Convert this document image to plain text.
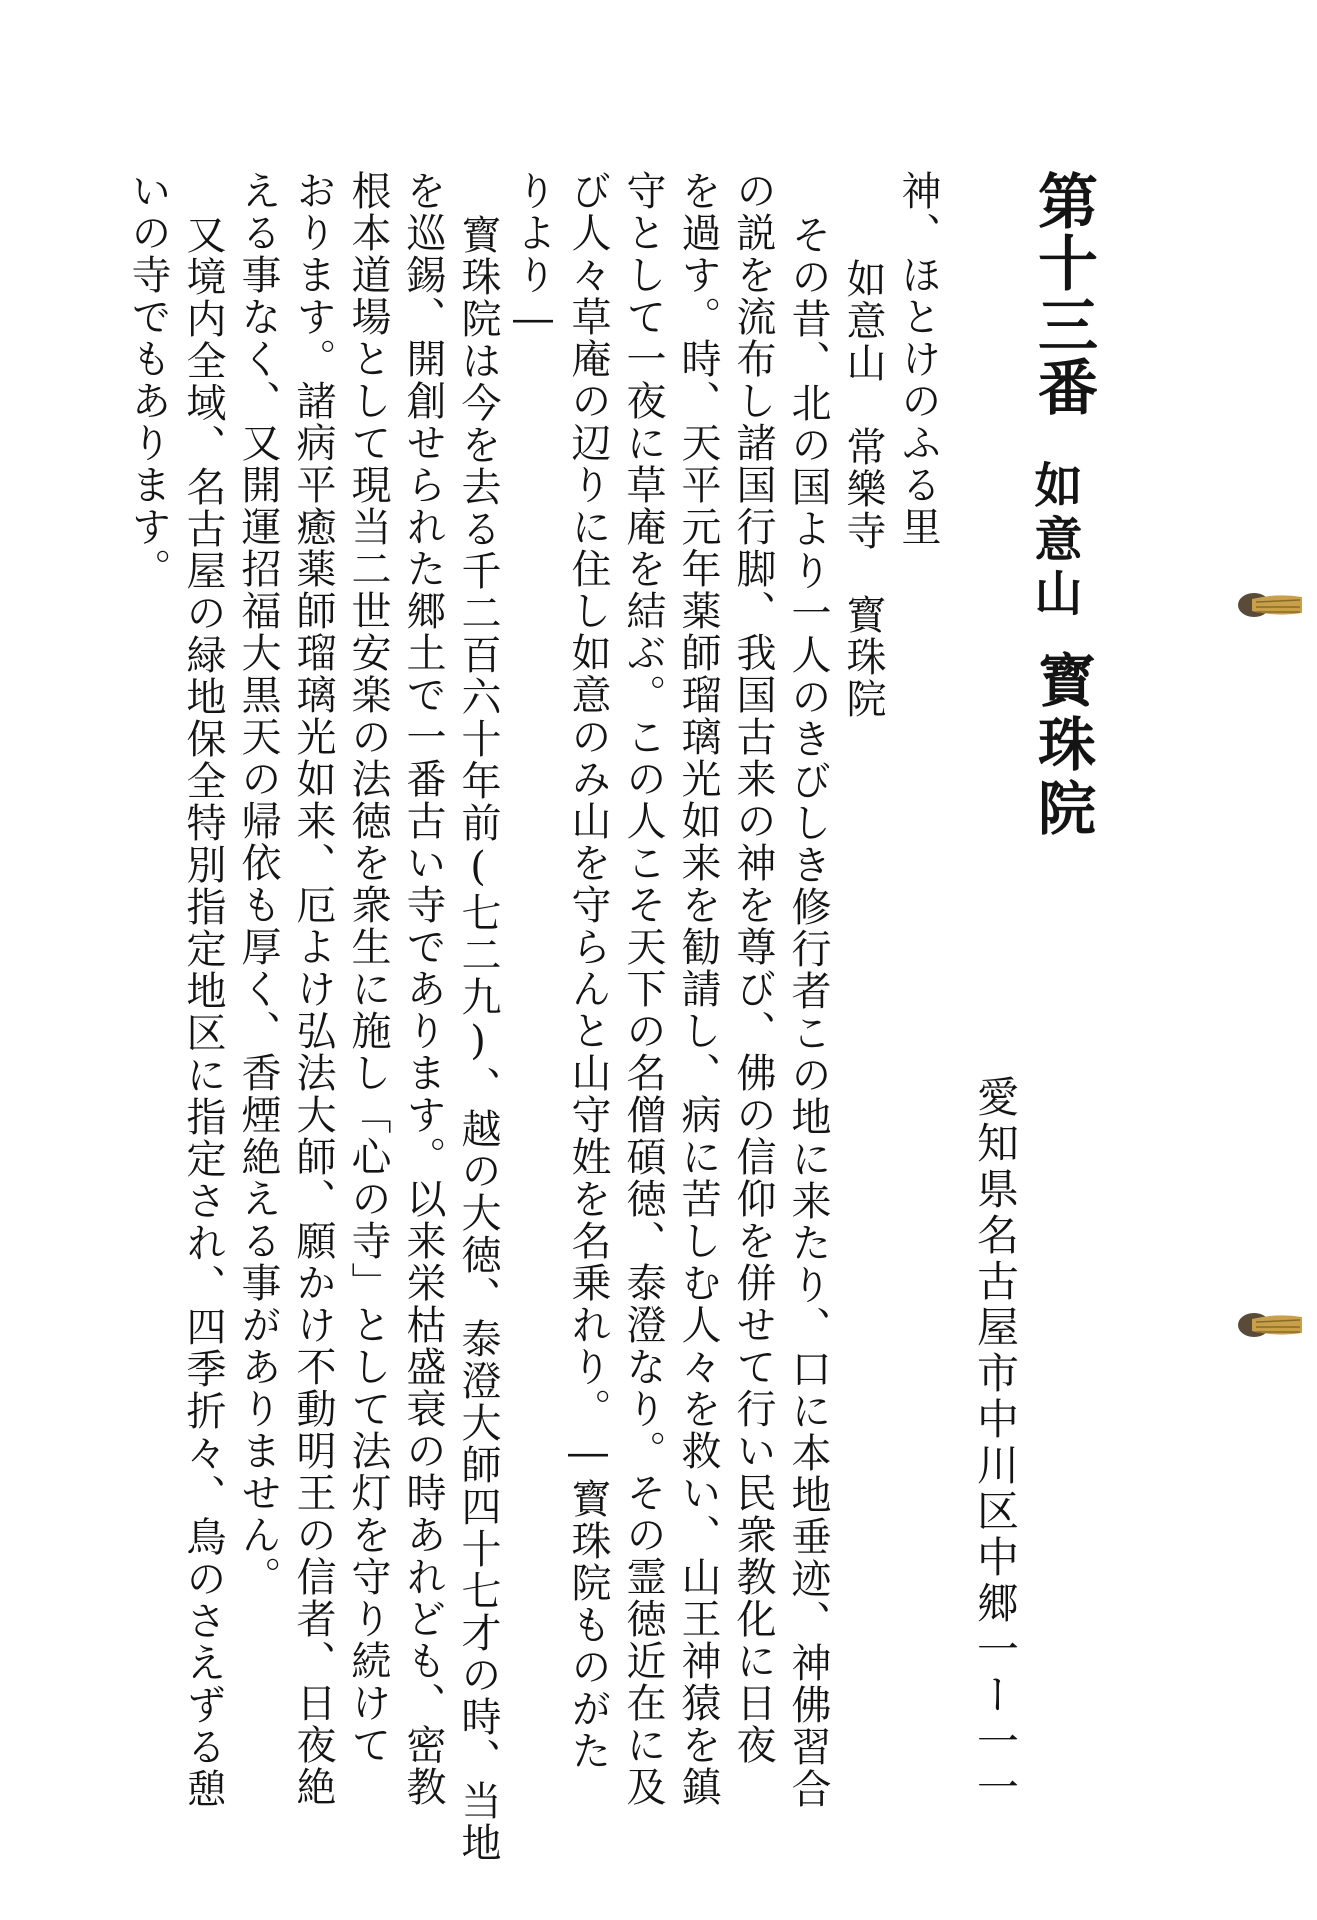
第十三番
如意山
寳珠院
愛知県名古屋市中川区中郷一ー一一

神、ほとけのふる里

如意山　常樂寺　寳珠院

その昔、北の国より一人のきびしき修行者この地に来たり、口に本地垂迹、神佛習合

の説を流布し諸国行脚、我国古来の神を尊び、佛の信仰を併せて行い民衆教化に日夜

を過す。時、天平元年薬師瑠璃光如来を勧請し、病に苦しむ人々を救い、山王神猿を鎮

守として一夜に草庵を結ぶ。この人こそ天下の名僧碩徳、泰澄なり。その霊徳近在に及

び人々草庵の辺りに住し如意のみ山を守らんと山守姓を名乗れり。―寳珠院ものがた

りより―

寳珠院は今を去る千二百六十年前(七二九)、越の大徳、泰澄大師四十七才の時、当地

を巡錫、開創せられた郷土で一番古い寺であります。以来栄枯盛衰の時あれども、密教

根本道場として現当二世安楽の法徳を衆生に施し「心の寺」として法灯を守り続けて

おります。諸病平癒薬師瑠璃光如来、厄よけ弘法大師、願かけ不動明王の信者、日夜絶

える事なく、又開運招福大黒天の帰依も厚く、香煙絶える事がありません。

又境内全域、名古屋の緑地保全特別指定地区に指定され、四季折々、鳥のさえずる憩

いの寺でもあります。
